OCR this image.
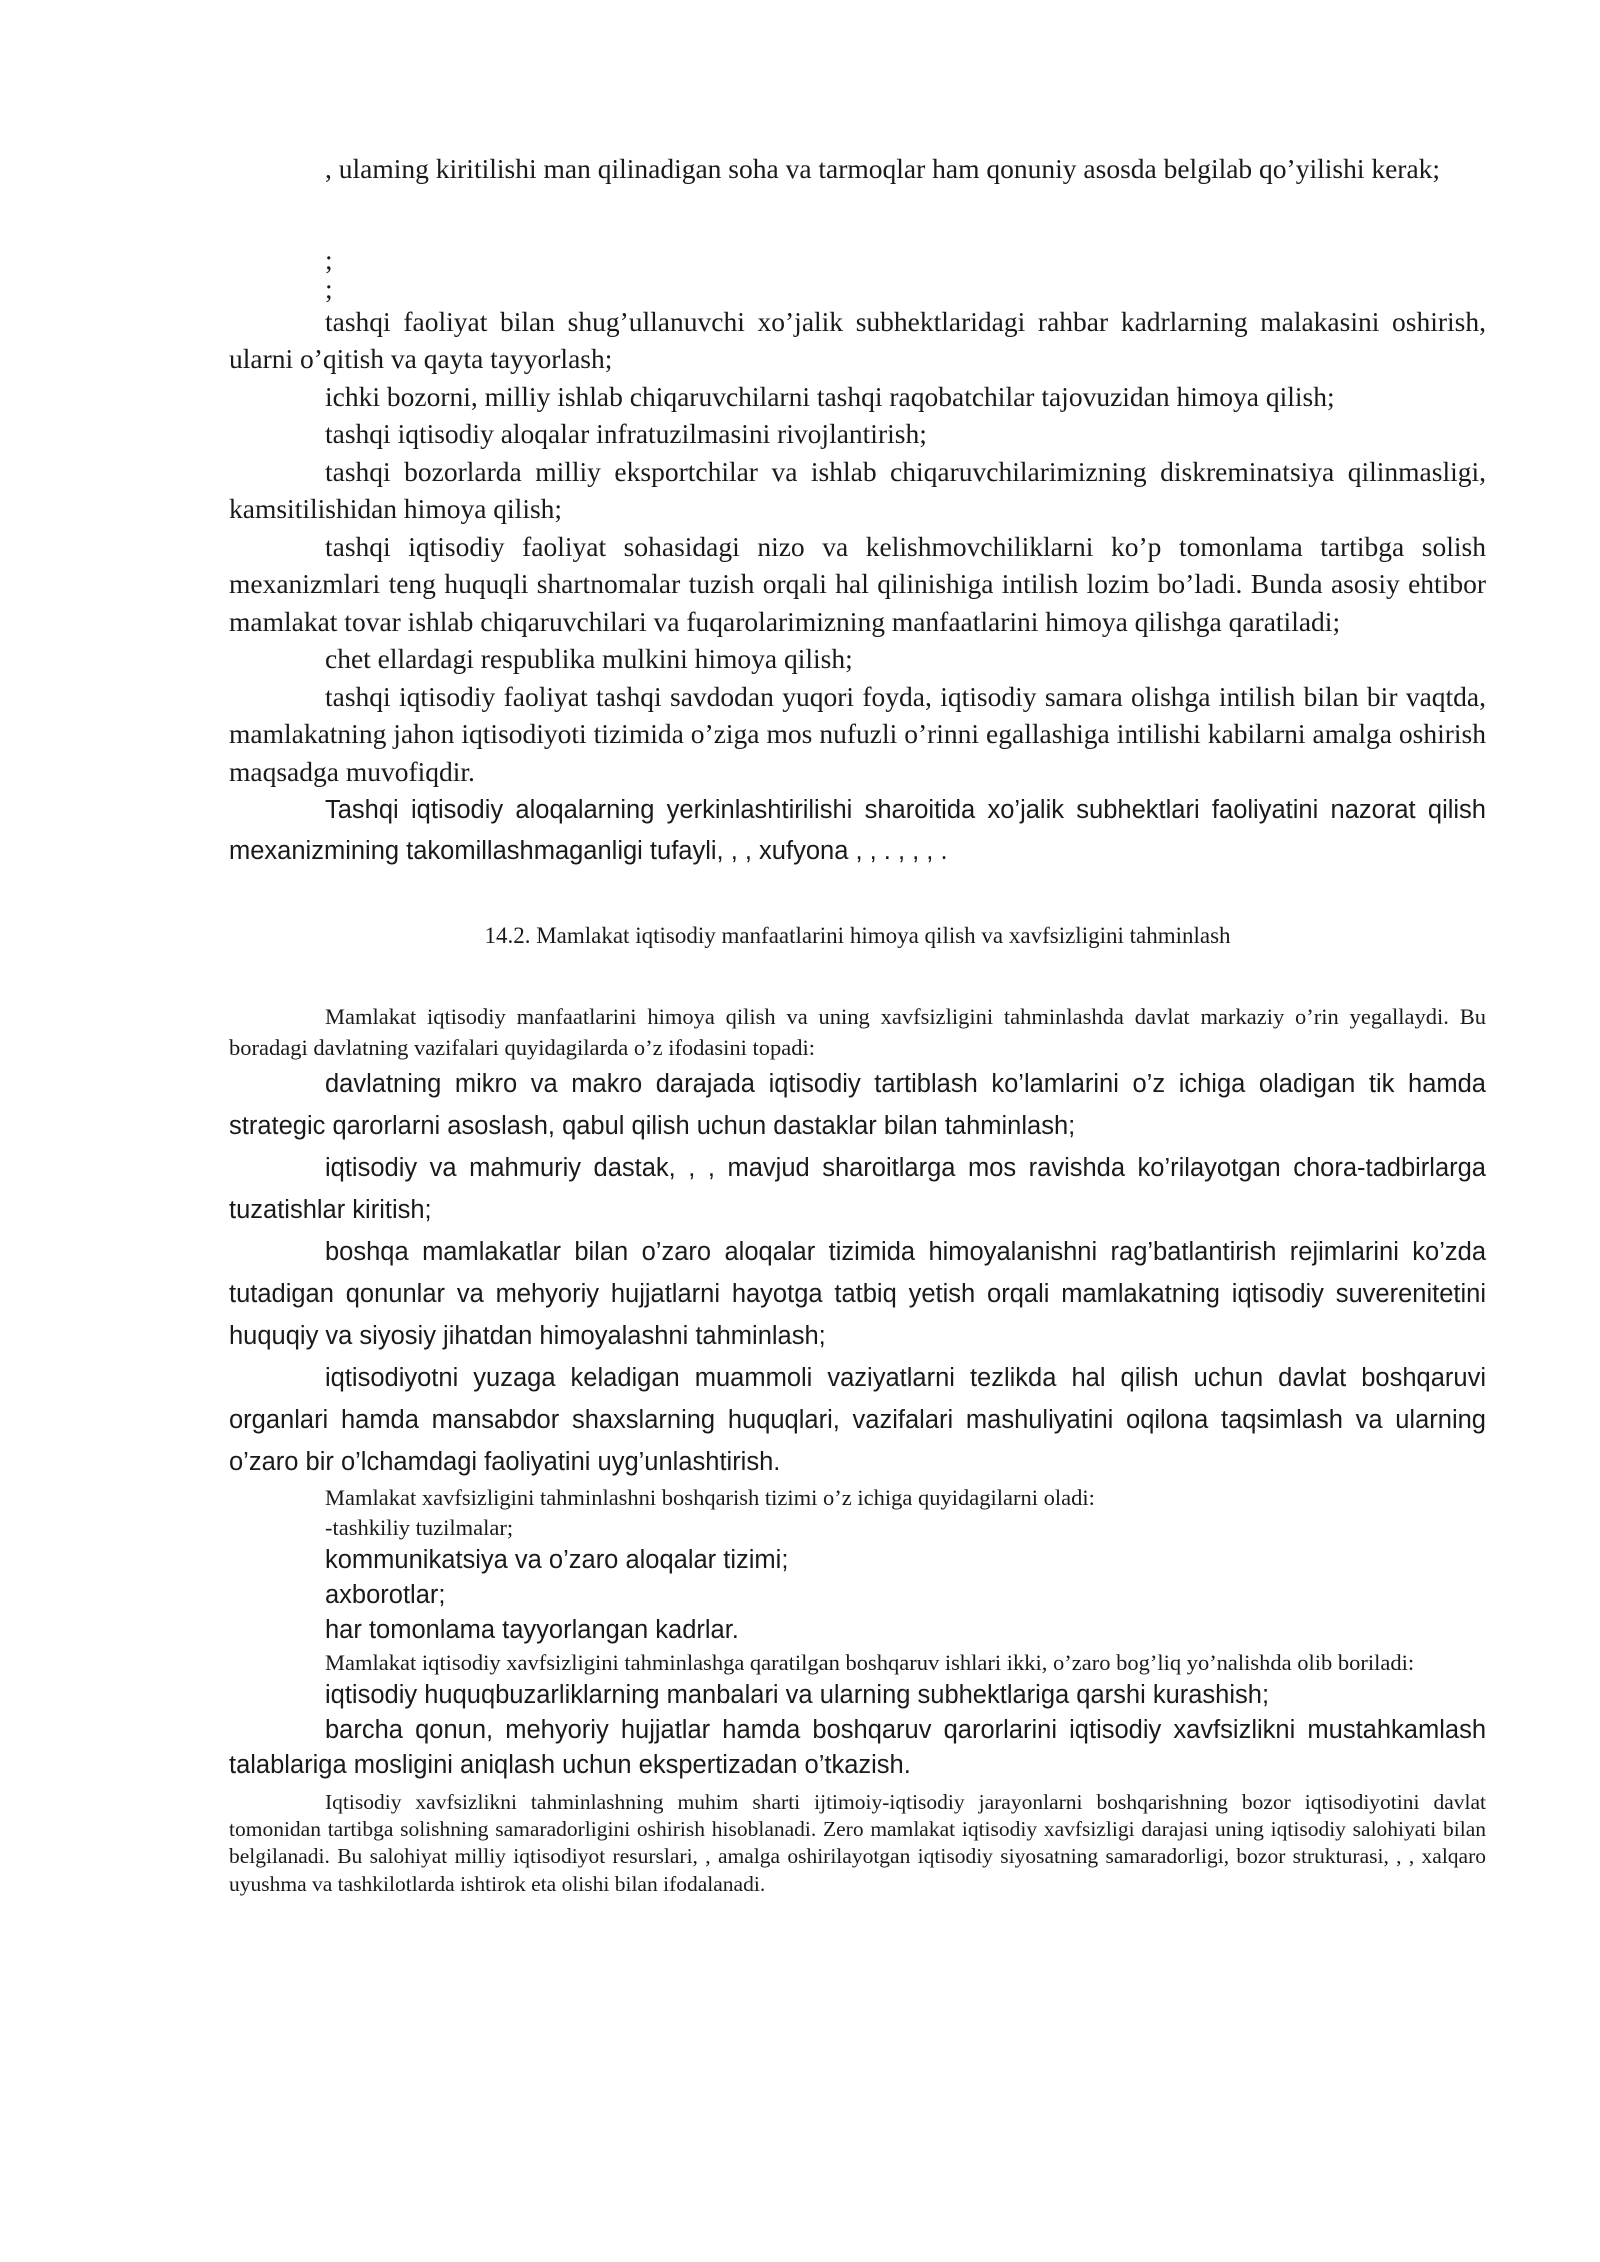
, ulaming kiritilishi man qilinadigan soha va tarmoqlar ham qonuniy asosda belgilab qo’yilishi kerak;

;

;

tashqi faoliyat bilan shug’ullanuvchi xo’jalik subhektlaridagi rahbar kadrlarning malakasini oshirish, ularni o’qitish va qayta tayyorlash;

ichki bozorni, milliy ishlab chiqaruvchilarni tashqi raqobatchilar tajovuzidan himoya qilish;

tashqi iqtisodiy aloqalar infratuzilmasini rivojlantirish;

tashqi bozorlarda milliy eksportchilar va ishlab chiqaruvchilarimizning diskreminatsiya qilinmasligi, kamsitilishidan himoya qilish;

tashqi iqtisodiy faoliyat sohasidagi nizo va kelishmovchiliklarni ko’p tomonlama tartibga solish mexanizmlari teng huquqli shartnomalar tuzish orqali hal qilinishiga intilish lozim bo’ladi. Bunda asosiy ehtibor mamlakat tovar ishlab chiqaruvchilari va fuqarolarimizning manfaatlarini himoya qilishga qaratiladi;

chet ellardagi respublika mulkini himoya qilish;

tashqi iqtisodiy faoliyat tashqi savdodan yuqori foyda, iqtisodiy samara olishga intilish bilan bir vaqtda, mamlakatning jahon iqtisodiyoti tizimida o’ziga mos nufuzli o’rinni egallashiga intilishi kabilarni amalga oshirish maqsadga muvofiqdir.

Tashqi iqtisodiy aloqalarning yerkinlashtirilishi sharoitida xo’jalik subhektlari faoliyatini nazorat qilish mexanizmining takomillashmaganligi tufayli, , , xufyona , , . , , , .

14.2. Mamlakat iqtisodiy manfaatlarini himoya qilish va xavfsizligini tahminlash

Mamlakat iqtisodiy manfaatlarini himoya qilish va uning xavfsizligini tahminlashda davlat markaziy o’rin yegallaydi. Bu boradagi davlatning vazifalari quyidagilarda o’z ifodasini topadi:

davlatning mikro va makro darajada iqtisodiy tartiblash ko’lamlarini o’z ichiga oladigan tik hamda strategic qarorlarni asoslash, qabul qilish uchun dastaklar bilan tahminlash;

iqtisodiy va mahmuriy dastak, , , mavjud sharoitlarga mos ravishda ko’rilayotgan chora-tadbirlarga tuzatishlar kiritish;

boshqa mamlakatlar bilan o’zaro aloqalar tizimida himoyalanishni rag’batlantirish rejimlarini ko’zda tutadigan qonunlar va mehyoriy hujjatlarni hayotga tatbiq yetish orqali mamlakatning iqtisodiy suverenitetini huquqiy va siyosiy jihatdan himoyalashni tahminlash;

iqtisodiyotni yuzaga keladigan muammoli vaziyatlarni tezlikda hal qilish uchun davlat boshqaruvi organlari hamda mansabdor shaxslarning huquqlari, vazifalari mashuliyatini oqilona taqsimlash va ularning o’zaro bir o’lchamdagi faoliyatini uyg’unlashtirish.

Mamlakat xavfsizligini tahminlashni boshqarish tizimi o’z ichiga quyidagilarni oladi:

-tashkiliy tuzilmalar;

kommunikatsiya va o’zaro aloqalar tizimi;

axborotlar;

har tomonlama tayyorlangan kadrlar.

Mamlakat iqtisodiy xavfsizligini tahminlashga qaratilgan boshqaruv ishlari ikki, o’zaro bog’liq yo’nalishda olib boriladi:

iqtisodiy huquqbuzarliklarning manbalari va ularning subhektlariga qarshi kurashish;

barcha qonun, mehyoriy hujjatlar hamda boshqaruv qarorlarini iqtisodiy xavfsizlikni mustahkamlash talablariga mosligini aniqlash uchun ekspertizadan o’tkazish.

Iqtisodiy xavfsizlikni tahminlashning muhim sharti ijtimoiy-iqtisodiy jarayonlarni boshqarishning bozor iqtisodiyotini davlat tomonidan tartibga solishning samaradorligini oshirish hisoblanadi. Zero mamlakat iqtisodiy xavfsizligi darajasi uning iqtisodiy salohiyati bilan belgilanadi. Bu salohiyat milliy iqtisodiyot resurslari, , amalga oshirilayotgan iqtisodiy siyosatning samaradorligi, bozor strukturasi, , , xalqaro uyushma va tashkilotlarda ishtirok eta olishi bilan ifodalanadi.
